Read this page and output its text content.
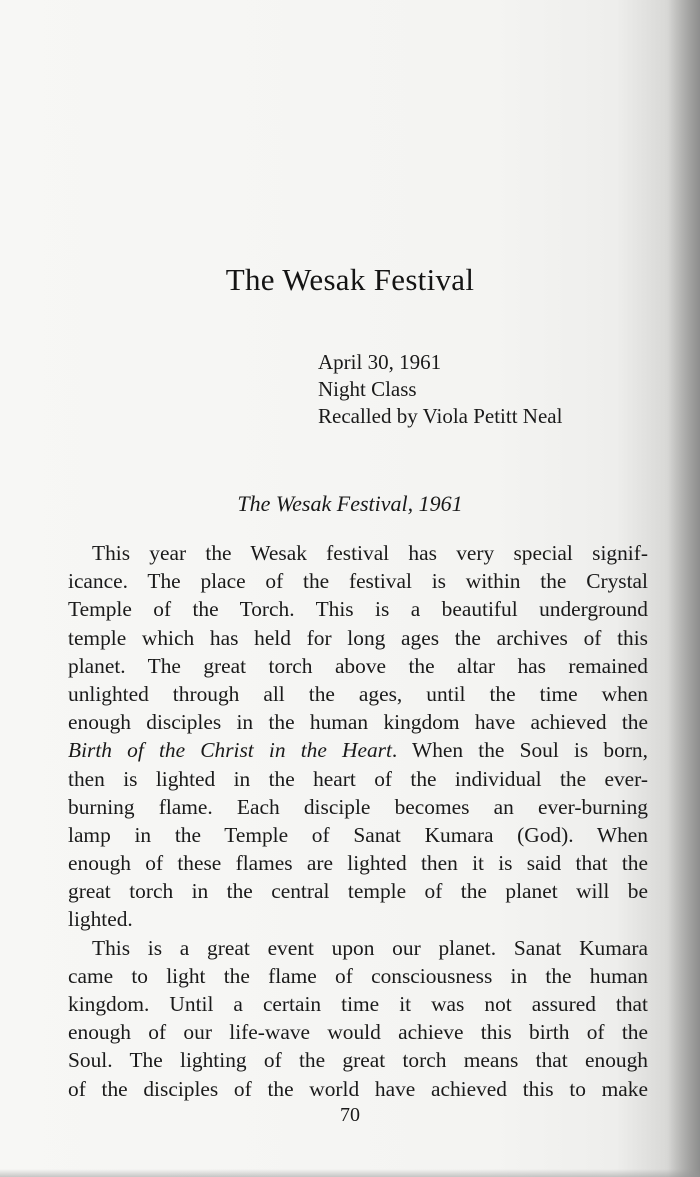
The Wesak Festival
April 30, 1961
Night Class
Recalled by Viola Petitt Neal
The Wesak Festival, 1961
This year the Wesak festival has very special signif-
icance. The place of the festival is within the Crystal
Temple of the Torch. This is a beautiful underground
temple which has held for long ages the archives of this
planet. The great torch above the altar has remained
unlighted through all the ages, until the time when
enough disciples in the human kingdom have achieved the
Birth of the Christ in the Heart. When the Soul is born,
then is lighted in the heart of the individual the ever-
burning flame. Each disciple becomes an ever-burning
lamp in the Temple of Sanat Kumara (God). When
enough of these flames are lighted then it is said that the
great torch in the central temple of the planet will be
lighted.
This is a great event upon our planet. Sanat Kumara
came to light the flame of consciousness in the human
kingdom. Until a certain time it was not assured that
enough of our life-wave would achieve this birth of the
Soul. The lighting of the great torch means that enough
of the disciples of the world have achieved this to make
70
